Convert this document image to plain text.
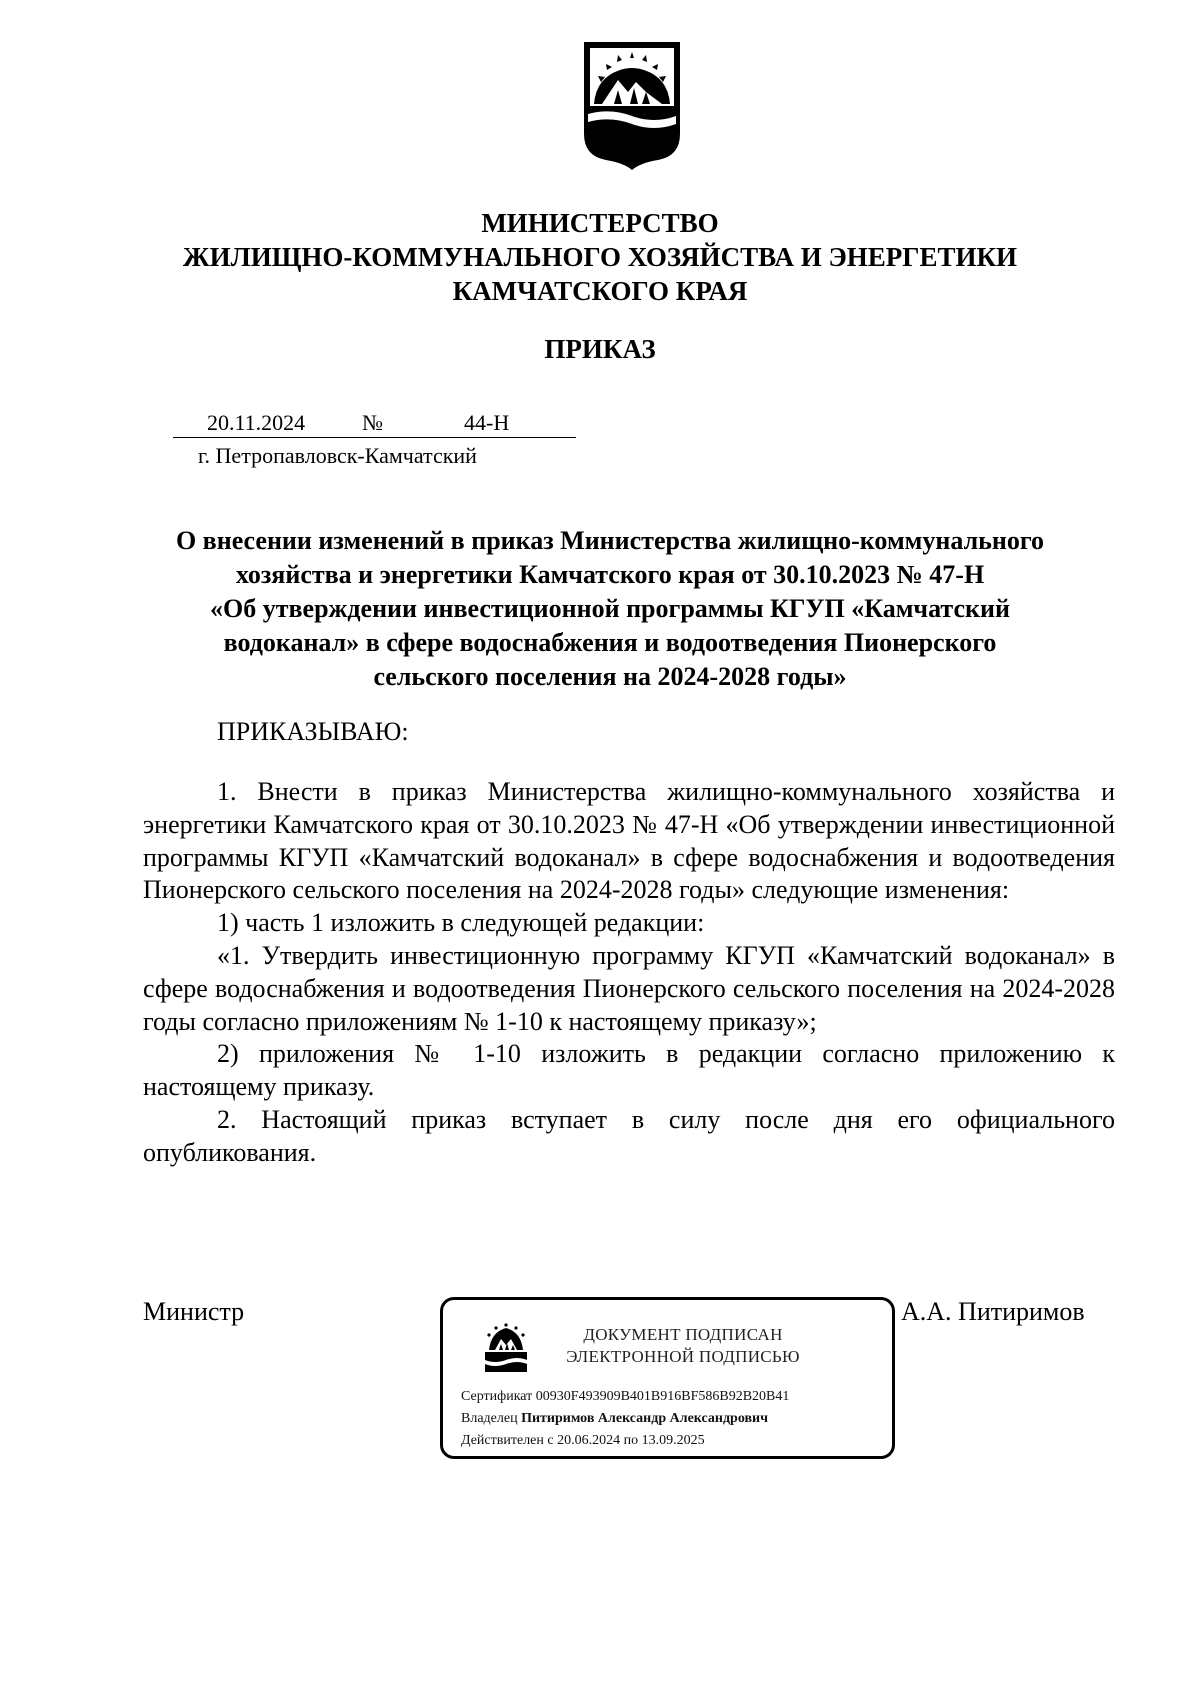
МИНИСТЕРСТВО
ЖИЛИЩНО-КОММУНАЛЬНОГО ХОЗЯЙСТВА И ЭНЕРГЕТИКИ
КАМЧАТСКОГО КРАЯ
ПРИКАЗ
20.11.2024	№	44-Н
г. Петропавловск-Камчатский
О внесении изменений в приказ Министерства жилищно-коммунального
хозяйства и энергетики Камчатского края от 30.10.2023 № 47-Н
«Об утверждении инвестиционной программы КГУП «Камчатский
водоканал» в сфере водоснабжения и водоотведения Пионерского
сельского поселения на 2024-2028 годы»
ПРИКАЗЫВАЮ:

1. Внести в приказ Министерства жилищно-коммунального хозяйства и энергетики Камчатского края от 30.10.2023 № 47-Н «Об утверждении инвестиционной программы КГУП «Камчатский водоканал» в сфере водоснабжения и водоотведения Пионерского сельского поселения на 2024-2028 годы» следующие изменения:

1) часть 1 изложить в следующей редакции:

«1. Утвердить инвестиционную программу КГУП «Камчатский водоканал» в сфере водоснабжения и водоотведения Пионерского сельского поселения на 2024-2028 годы согласно приложениям № 1-10 к настоящему приказу»;

2) приложения № 1-10 изложить в редакции согласно приложению к настоящему приказу.

2. Настоящий приказ вступает в силу после дня его официального опубликования.

Министр	А.А. Питиримов
ДОКУМЕНТ ПОДПИСАН
ЭЛЕКТРОННОЙ ПОДПИСЬЮ
Сертификат 00930F493909B401B916BF586B92B20B41
Владелец Питиримов Александр Александрович
Действителен с 20.06.2024 по 13.09.2025
